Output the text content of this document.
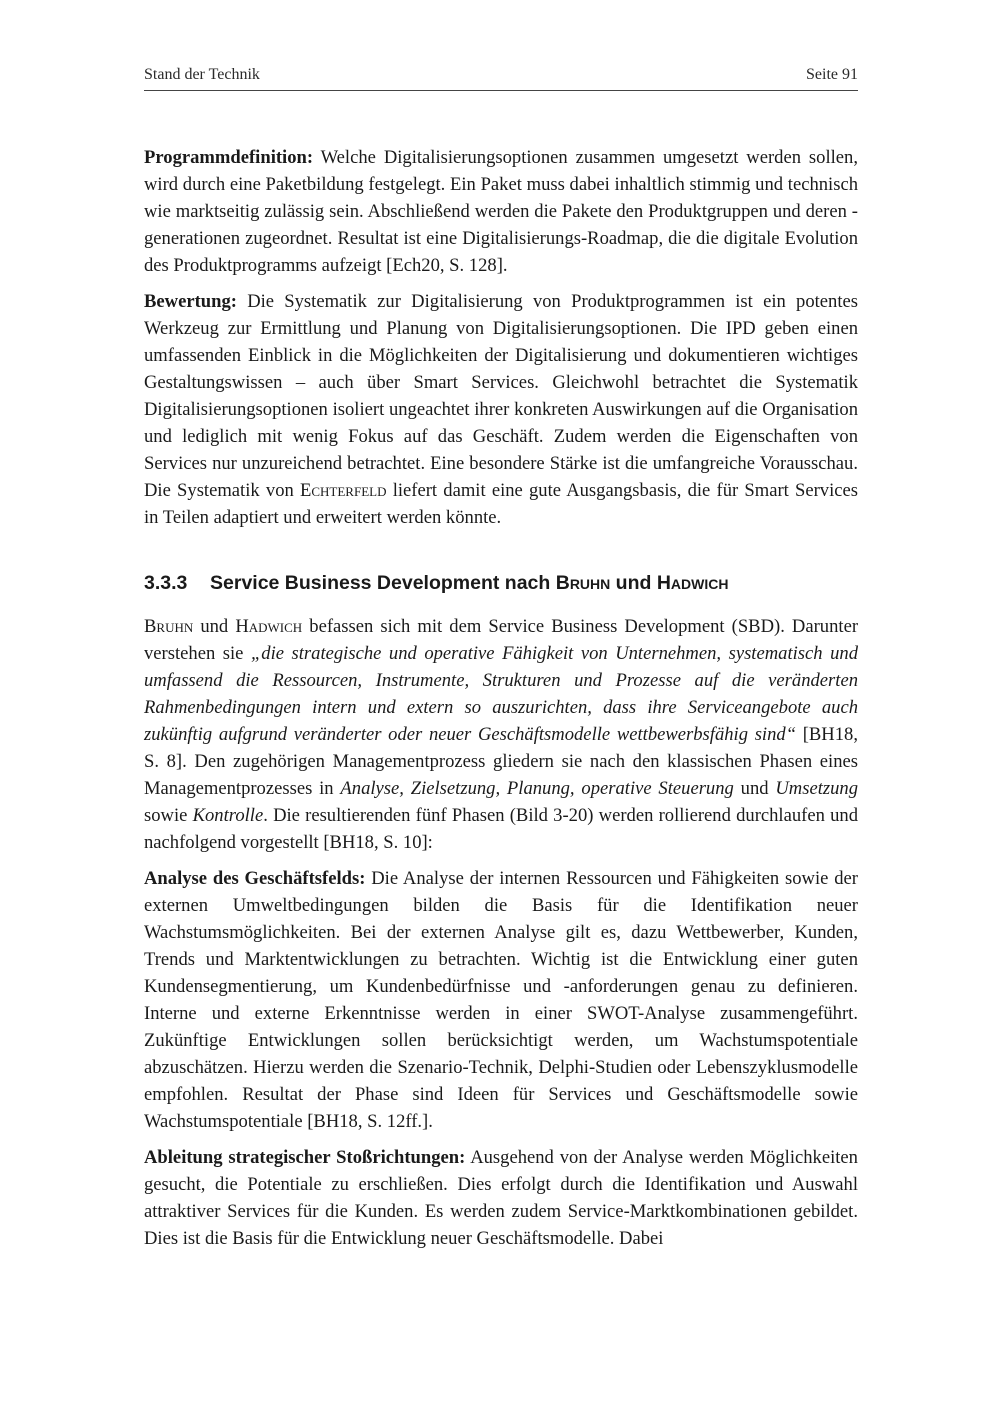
Stand der Technik	Seite 91

Programmdefinition: Welche Digitalisierungsoptionen zusammen umgesetzt werden sollen, wird durch eine Paketbildung festgelegt. Ein Paket muss dabei inhaltlich stimmig und technisch wie marktseitig zulässig sein. Abschließend werden die Pakete den Produktgruppen und deren -generationen zugeordnet. Resultat ist eine Digitalisierungs-Roadmap, die die digitale Evolution des Produktprogramms aufzeigt [Ech20, S. 128].

Bewertung: Die Systematik zur Digitalisierung von Produktprogrammen ist ein potentes Werkzeug zur Ermittlung und Planung von Digitalisierungsoptionen. Die IPD geben einen umfassenden Einblick in die Möglichkeiten der Digitalisierung und dokumentieren wichtiges Gestaltungswissen – auch über Smart Services. Gleichwohl betrachtet die Systematik Digitalisierungsoptionen isoliert ungeachtet ihrer konkreten Auswirkungen auf die Organisation und lediglich mit wenig Fokus auf das Geschäft. Zudem werden die Eigenschaften von Services nur unzureichend betrachtet. Eine besondere Stärke ist die umfangreiche Vorausschau. Die Systematik von Echterfeld liefert damit eine gute Ausgangsbasis, die für Smart Services in Teilen adaptiert und erweitert werden könnte.

3.3.3	Service Business Development nach Bruhn und Hadwich

Bruhn und Hadwich befassen sich mit dem Service Business Development (SBD). Darunter verstehen sie „die strategische und operative Fähigkeit von Unternehmen, systematisch und umfassend die Ressourcen, Instrumente, Strukturen und Prozesse auf die veränderten Rahmenbedingungen intern und extern so auszurichten, dass ihre Serviceangebote auch zukünftig aufgrund veränderter oder neuer Geschäftsmodelle wettbewerbsfähig sind“ [BH18, S. 8]. Den zugehörigen Managementprozess gliedern sie nach den klassischen Phasen eines Managementprozesses in Analyse, Zielsetzung, Planung, operative Steuerung und Umsetzung sowie Kontrolle. Die resultierenden fünf Phasen (Bild 3-20) werden rollierend durchlaufen und nachfolgend vorgestellt [BH18, S. 10]:

Analyse des Geschäftsfelds: Die Analyse der internen Ressourcen und Fähigkeiten sowie der externen Umweltbedingungen bilden die Basis für die Identifikation neuer Wachstumsmöglichkeiten. Bei der externen Analyse gilt es, dazu Wettbewerber, Kunden, Trends und Marktentwicklungen zu betrachten. Wichtig ist die Entwicklung einer guten Kundensegmentierung, um Kundenbedürfnisse und -anforderungen genau zu definieren. Interne und externe Erkenntnisse werden in einer SWOT-Analyse zusammengeführt. Zukünftige Entwicklungen sollen berücksichtigt werden, um Wachstumspotentiale abzuschätzen. Hierzu werden die Szenario-Technik, Delphi-Studien oder Lebenszyklusmodelle empfohlen. Resultat der Phase sind Ideen für Services und Geschäftsmodelle sowie Wachstumspotentiale [BH18, S. 12ff.].

Ableitung strategischer Stoßrichtungen: Ausgehend von der Analyse werden Möglichkeiten gesucht, die Potentiale zu erschließen. Dies erfolgt durch die Identifikation und Auswahl attraktiver Services für die Kunden. Es werden zudem Service-Marktkombinationen gebildet. Dies ist die Basis für die Entwicklung neuer Geschäftsmodelle. Dabei
